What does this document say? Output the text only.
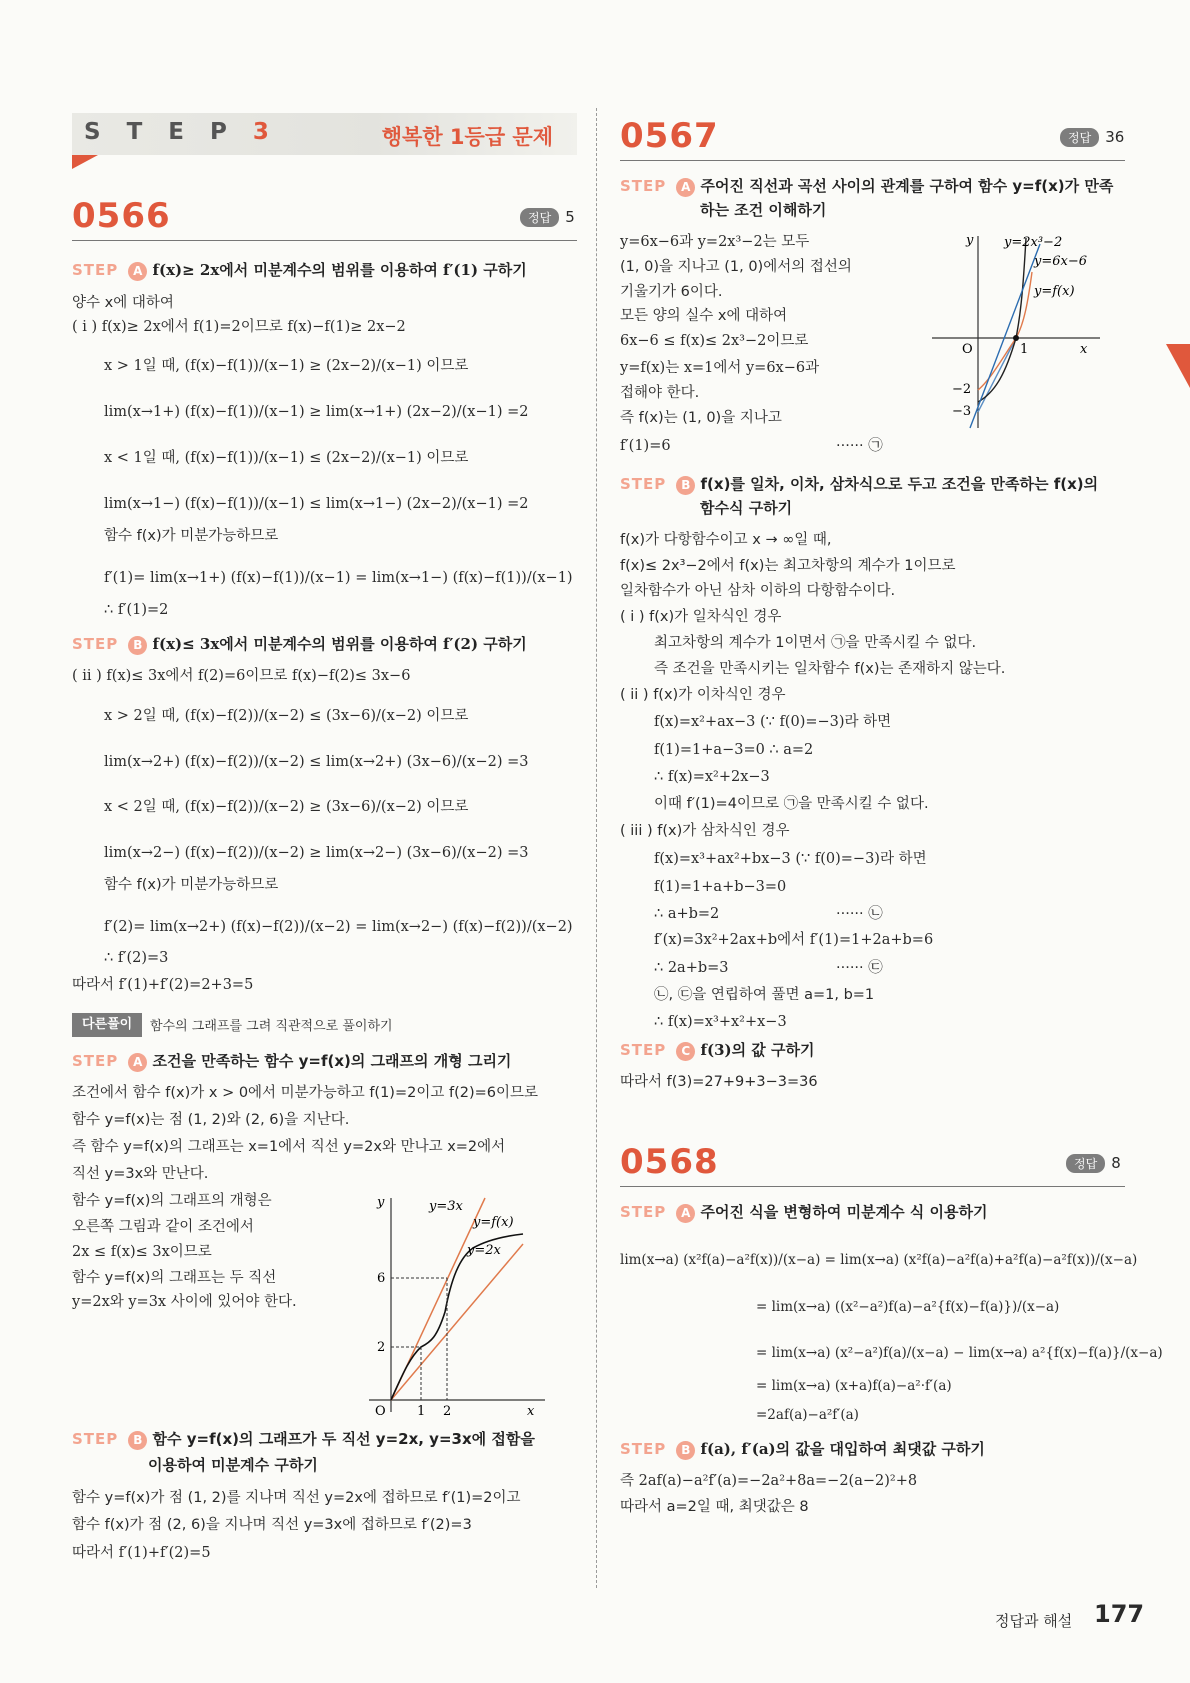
S T E P 3	행복한 1등급 문제
0566	정답 5
STEP A f(x)≥ 2x에서 미분계수의 범위를 이용하여 f′(1) 구하기
양수 x에 대하여
( i ) f(x)≥ 2x에서 f(1)=2이므로 f(x)−f(1)≥ 2x−2
x > 1일 때, (f(x)−f(1))/(x−1) ≥ (2x−2)/(x−1) 이므로
lim(x→1+) (f(x)−f(1))/(x−1) ≥ lim(x→1+) (2x−2)/(x−1) =2
x < 1일 때, (f(x)−f(1))/(x−1) ≤ (2x−2)/(x−1) 이므로
lim(x→1−) (f(x)−f(1))/(x−1) ≤ lim(x→1−) (2x−2)/(x−1) =2
함수 f(x)가 미분가능하므로
f′(1)= lim(x→1+) (f(x)−f(1))/(x−1) = lim(x→1−) (f(x)−f(1))/(x−1)
∴ f′(1)=2
STEP B f(x)≤ 3x에서 미분계수의 범위를 이용하여 f′(2) 구하기
( ii ) f(x)≤ 3x에서 f(2)=6이므로 f(x)−f(2)≤ 3x−6
x > 2일 때, (f(x)−f(2))/(x−2) ≤ (3x−6)/(x−2) 이므로
lim(x→2+) (f(x)−f(2))/(x−2) ≤ lim(x→2+) (3x−6)/(x−2) =3
x < 2일 때, (f(x)−f(2))/(x−2) ≥ (3x−6)/(x−2) 이므로
lim(x→2−) (f(x)−f(2))/(x−2) ≥ lim(x→2−) (3x−6)/(x−2) =3
함수 f(x)가 미분가능하므로
f′(2)= lim(x→2+) (f(x)−f(2))/(x−2) = lim(x→2−) (f(x)−f(2))/(x−2)
∴ f′(2)=3
따라서 f′(1)+f′(2)=2+3=5
다른풀이	함수의 그래프를 그려 직관적으로 풀이하기
STEP A 조건을 만족하는 함수 y=f(x)의 그래프의 개형 그리기
조건에서 함수 f(x)가 x > 0에서 미분가능하고 f(1)=2이고 f(2)=6이므로
함수 y=f(x)는 점 (1, 2)와 (2, 6)을 지난다.
즉 함수 y=f(x)의 그래프는 x=1에서 직선 y=2x와 만나고 x=2에서
직선 y=3x와 만난다.
함수 y=f(x)의 그래프의 개형은
오른쪽 그림과 같이 조건에서
2x ≤ f(x)≤ 3x이므로
함수 y=f(x)의 그래프는 두 직선
y=2x와 y=3x 사이에 있어야 한다.
y
x
O 1 2
2
6
y=3x
y=f(x)
y=2x
STEP B 함수 y=f(x)의 그래프가 두 직선 y=2x, y=3x에 접함을
이용하여 미분계수 구하기
함수 y=f(x)가 점 (1, 2)를 지나며 직선 y=2x에 접하므로 f′(1)=2이고
함수 f(x)가 점 (2, 6)을 지나며 직선 y=3x에 접하므로 f′(2)=3
따라서 f′(1)+f′(2)=5
0567	정답 36
STEP A 주어진 직선과 곡선 사이의 관계를 구하여 함수 y=f(x)가 만족
하는 조건 이해하기
y=6x−6과 y=2x³−2는 모두
(1, 0)을 지나고 (1, 0)에서의 접선의
기울기가 6이다.
모든 양의 실수 x에 대하여
6x−6 ≤ f(x)≤ 2x³−2이므로
y=f(x)는 x=1에서 y=6x−6과
접해야 한다.
즉 f(x)는 (1, 0)을 지나고
f′(1)=6	······ ㉠
y
x
O	1
−2
−3
y=2x³−2
y=6x−6
y=f(x)
STEP B f(x)를 일차, 이차, 삼차식으로 두고 조건을 만족하는 f(x)의
함수식 구하기
f(x)가 다항함수이고 x → ∞일 때,
f(x)≤ 2x³−2에서 f(x)는 최고차항의 계수가 1이므로
일차함수가 아닌 삼차 이하의 다항함수이다.
( i ) f(x)가 일차식인 경우
최고차항의 계수가 1이면서 ㉠을 만족시킬 수 없다.
즉 조건을 만족시키는 일차함수 f(x)는 존재하지 않는다.
( ii ) f(x)가 이차식인 경우
f(x)=x²+ax−3 (∵ f(0)=−3)라 하면
f(1)=1+a−3=0 ∴ a=2
∴ f(x)=x²+2x−3
이때 f′(1)=4이므로 ㉠을 만족시킬 수 없다.
( iii ) f(x)가 삼차식인 경우
f(x)=x³+ax²+bx−3 (∵ f(0)=−3)라 하면
f(1)=1+a+b−3=0
∴ a+b=2	······ ㉡
f′(x)=3x²+2ax+b에서 f′(1)=1+2a+b=6
∴ 2a+b=3	······ ㉢
㉡, ㉢을 연립하여 풀면 a=1, b=1
∴ f(x)=x³+x²+x−3
STEP C f(3)의 값 구하기
따라서 f(3)=27+9+3−3=36
0568	정답 8
STEP A 주어진 식을 변형하여 미분계수 식 이용하기
lim(x→a) (x²f(a)−a²f(x))/(x−a) = lim(x→a) (x²f(a)−a²f(a)+a²f(a)−a²f(x))/(x−a)
= lim(x→a) ((x²−a²)f(a)−a²{f(x)−f(a)})/(x−a)
= lim(x→a) (x²−a²)f(a)/(x−a) − lim(x→a) a²{f(x)−f(a)}/(x−a)
= lim(x→a) (x+a)f(a)−a²·f′(a)
=2af(a)−a²f′(a)
STEP B f(a), f′(a)의 값을 대입하여 최댓값 구하기
즉 2af(a)−a²f′(a)=−2a²+8a=−2(a−2)²+8
따라서 a=2일 때, 최댓값은 8
정답과 해설 177
